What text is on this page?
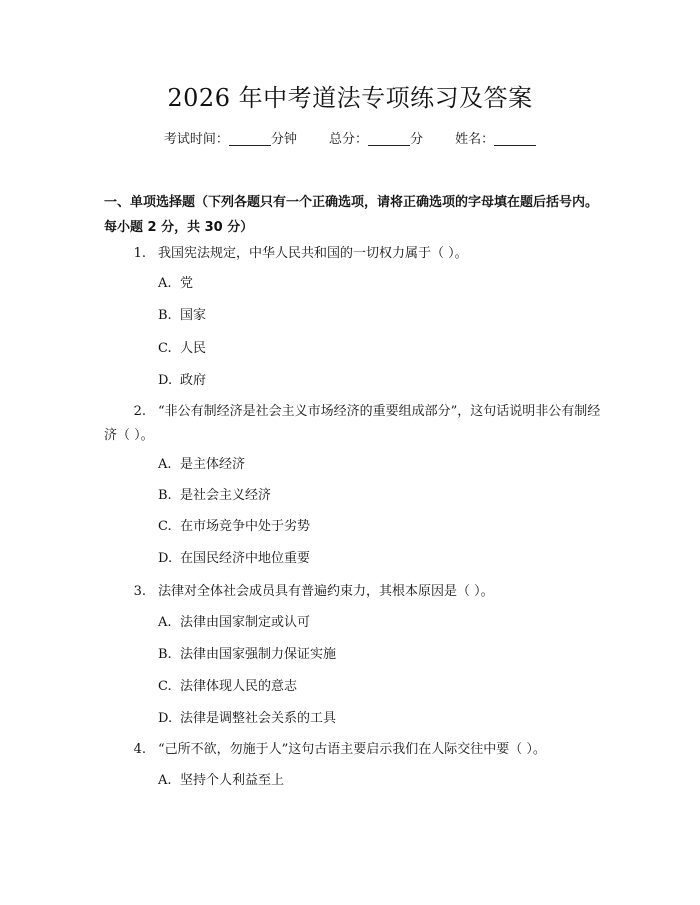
2026 年中考道法专项练习及答案
考试时间：	分钟 总分：	分 姓名：
一、单项选择题（下列各题只有一个正确选项，请将正确选项的字母填在题后括号内。每小题 2 分，共 30 分）
1. 我国宪法规定，中华人民共和国的一切权力属于（ ）。
A. 党
B. 国家
C. 人民
D. 政府
2. “非公有制经济是社会主义市场经济的重要组成部分”，这句话说明非公有制经济（ ）。
A. 是主体经济
B. 是社会主义经济
C. 在市场竞争中处于劣势
D. 在国民经济中地位重要
3. 法律对全体社会成员具有普遍约束力，其根本原因是（ ）。
A. 法律由国家制定或认可
B. 法律由国家强制力保证实施
C. 法律体现人民的意志
D. 法律是调整社会关系的工具
4. “己所不欲，勿施于人”这句古语主要启示我们在人际交往中要（ ）。
A. 坚持个人利益至上
